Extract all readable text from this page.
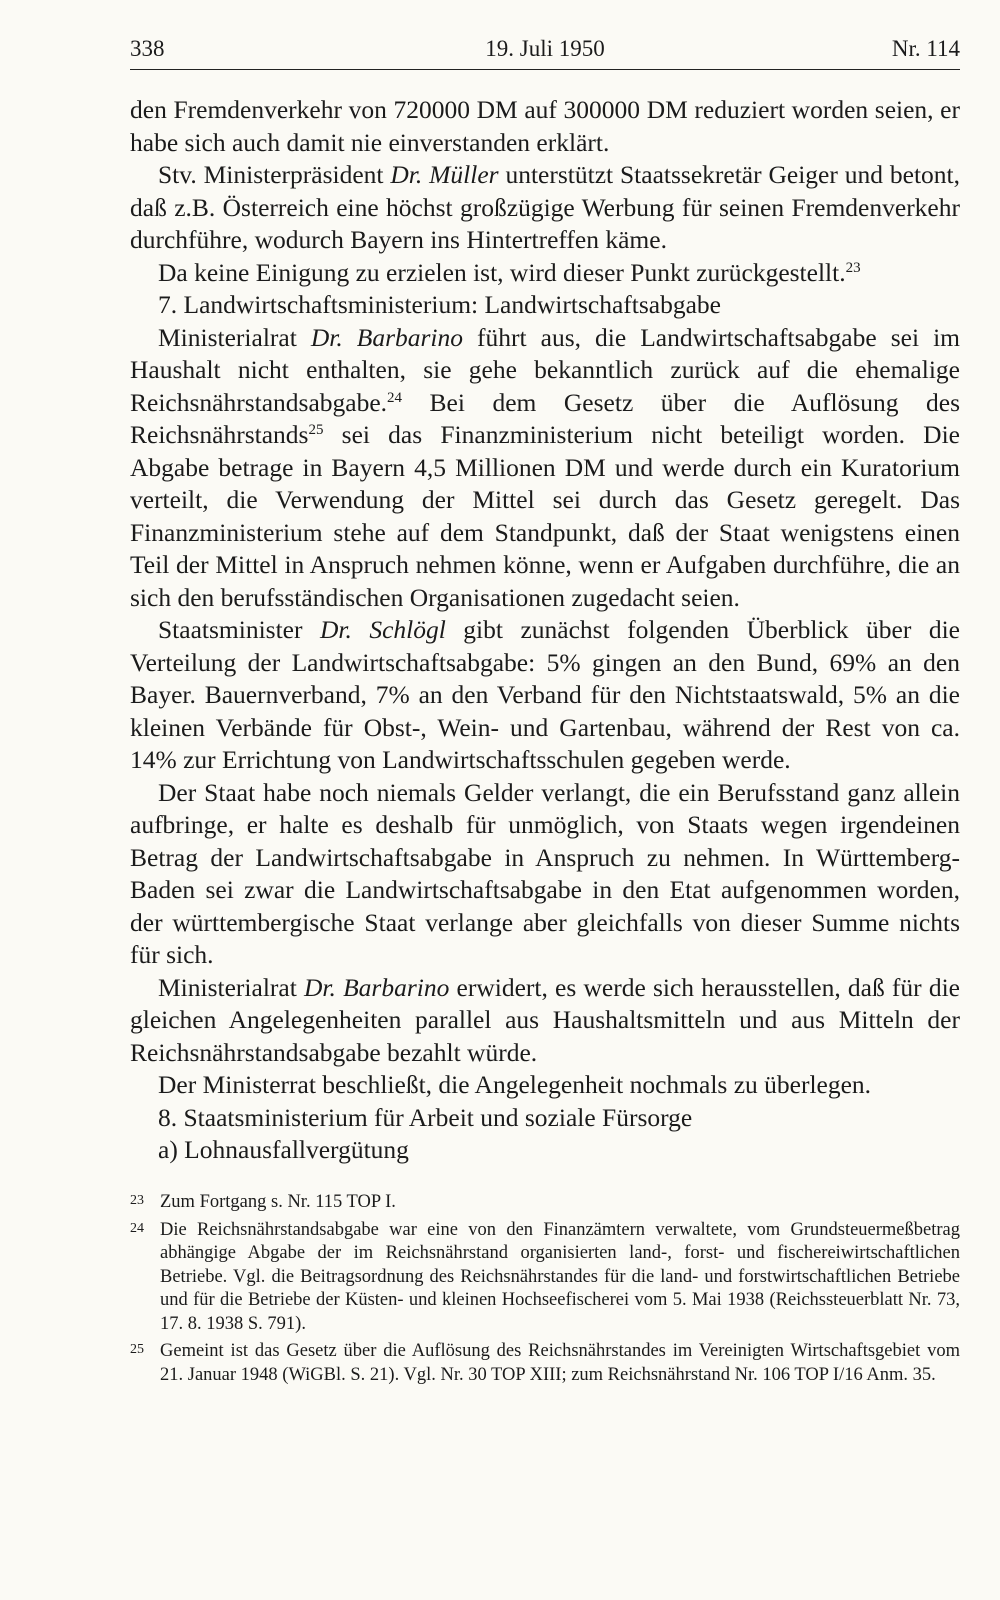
338	19. Juli 1950	Nr. 114

den Fremdenverkehr von 720000 DM auf 300000 DM reduziert worden seien, er habe sich auch damit nie einverstanden erklärt.

Stv. Ministerpräsident Dr. Müller unterstützt Staatssekretär Geiger und betont, daß z.B. Österreich eine höchst großzügige Werbung für seinen Fremdenverkehr durchführe, wodurch Bayern ins Hintertreffen käme.

Da keine Einigung zu erzielen ist, wird dieser Punkt zurückgestellt.$^{23}$

7. Landwirtschaftsministerium: Landwirtschaftsabgabe

Ministerialrat Dr. Barbarino führt aus, die Landwirtschaftsabgabe sei im Haushalt nicht enthalten, sie gehe bekanntlich zurück auf die ehemalige Reichsnährstandsabgabe.$^{24}$ Bei dem Gesetz über die Auflösung des Reichsnährstands$^{25}$ sei das Finanzministerium nicht beteiligt worden. Die Abgabe betrage in Bayern 4,5 Millionen DM und werde durch ein Kuratorium verteilt, die Verwendung der Mittel sei durch das Gesetz geregelt. Das Finanzministerium stehe auf dem Standpunkt, daß der Staat wenigstens einen Teil der Mittel in Anspruch nehmen könne, wenn er Aufgaben durchführe, die an sich den berufsständischen Organisationen zugedacht seien.

Staatsminister Dr. Schlögl gibt zunächst folgenden Überblick über die Verteilung der Landwirtschaftsabgabe: 5% gingen an den Bund, 69% an den Bayer. Bauernverband, 7% an den Verband für den Nichtstaatswald, 5% an die kleinen Verbände für Obst-, Wein- und Gartenbau, während der Rest von ca. 14% zur Errichtung von Landwirtschaftsschulen gegeben werde.

Der Staat habe noch niemals Gelder verlangt, die ein Berufsstand ganz allein aufbringe, er halte es deshalb für unmöglich, von Staats wegen irgendeinen Betrag der Landwirtschaftsabgabe in Anspruch zu nehmen. In Württemberg-Baden sei zwar die Landwirtschaftsabgabe in den Etat aufgenommen worden, der württembergische Staat verlange aber gleichfalls von dieser Summe nichts für sich.

Ministerialrat Dr. Barbarino erwidert, es werde sich herausstellen, daß für die gleichen Angelegenheiten parallel aus Haushaltsmitteln und aus Mitteln der Reichsnährstandsabgabe bezahlt würde.

Der Ministerrat beschließt, die Angelegenheit nochmals zu überlegen.

8. Staatsministerium für Arbeit und soziale Fürsorge

a) Lohnausfallvergütung

23 Zum Fortgang s. Nr. 115 TOP I.
24 Die Reichsnährstandsabgabe war eine von den Finanzämtern verwaltete, vom Grundsteuermeßbetrag abhängige Abgabe der im Reichsnährstand organisierten land-, forst- und fischereiwirtschaftlichen Betriebe. Vgl. die Beitragsordnung des Reichsnährstandes für die land- und forstwirtschaftlichen Betriebe und für die Betriebe der Küsten- und kleinen Hochseefischerei vom 5. Mai 1938 (Reichssteuerblatt Nr. 73, 17. 8. 1938 S. 791).
25 Gemeint ist das Gesetz über die Auflösung des Reichsnährstandes im Vereinigten Wirtschaftsgebiet vom 21. Januar 1948 (WiGBl. S. 21). Vgl. Nr. 30 TOP XIII; zum Reichsnährstand Nr. 106 TOP I/16 Anm. 35.
